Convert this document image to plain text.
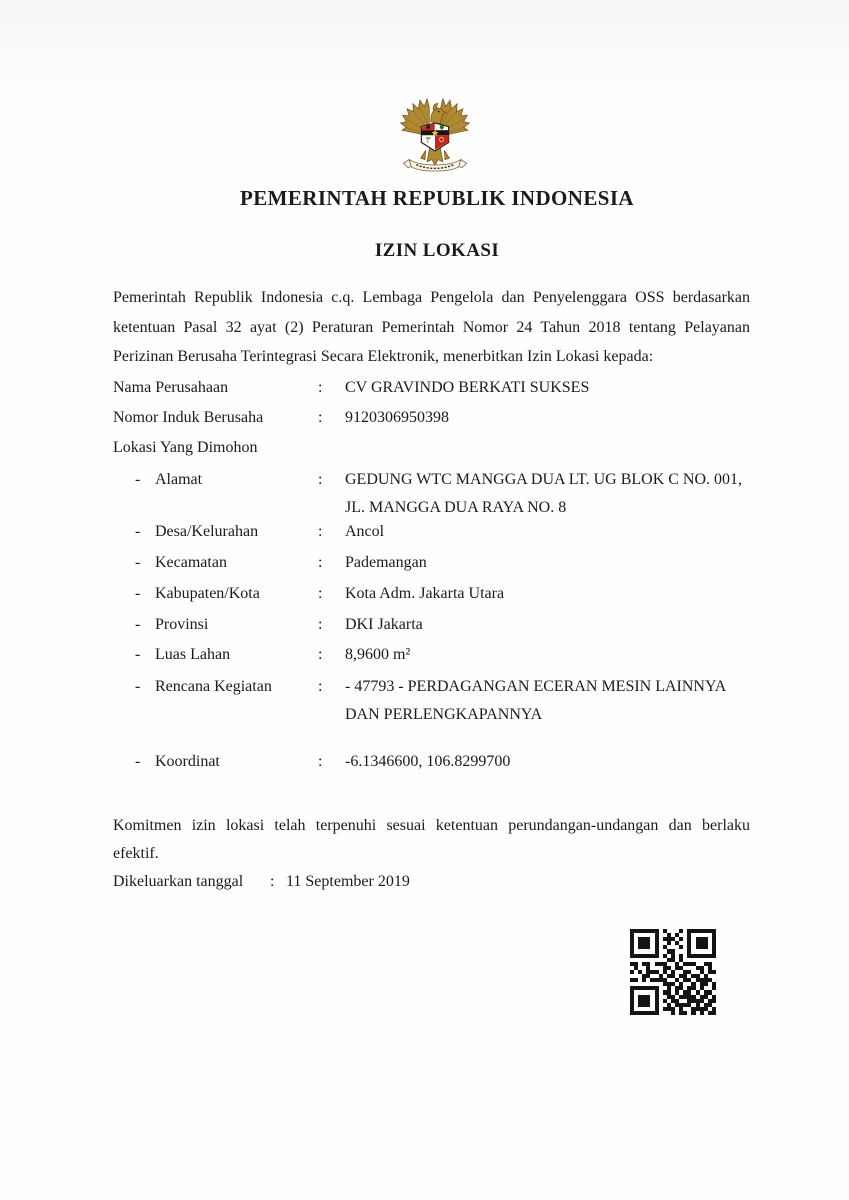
PEMERINTAH REPUBLIK INDONESIA
IZIN LOKASI
Pemerintah Republik Indonesia c.q. Lembaga Pengelola dan Penyelenggara OSS berdasarkan
ketentuan Pasal 32 ayat (2) Peraturan Pemerintah Nomor 24 Tahun 2018 tentang Pelayanan
Perizinan Berusaha Terintegrasi Secara Elektronik, menerbitkan Izin Lokasi kepada:
Nama Perusahaan	: CV GRAVINDO BERKATI SUKSES
Nomor Induk Berusaha	: 9120306950398
Lokasi Yang Dimohon
- Alamat	: GEDUNG WTC MANGGA DUA LT. UG BLOK C NO. 001, JL. MANGGA DUA RAYA NO. 8
- Desa/Kelurahan	: Ancol
- Kecamatan	: Pademangan
- Kabupaten/Kota	: Kota Adm. Jakarta Utara
- Provinsi	: DKI Jakarta
- Luas Lahan	: 8,9600 m²
- Rencana Kegiatan	: - 47793 - PERDAGANGAN ECERAN MESIN LAINNYA DAN PERLENGKAPANNYA
- Koordinat	: -6.1346600, 106.8299700
Komitmen izin lokasi telah terpenuhi sesuai ketentuan perundangan-undangan dan berlaku
efektif.
Dikeluarkan tanggal : 11 September 2019
